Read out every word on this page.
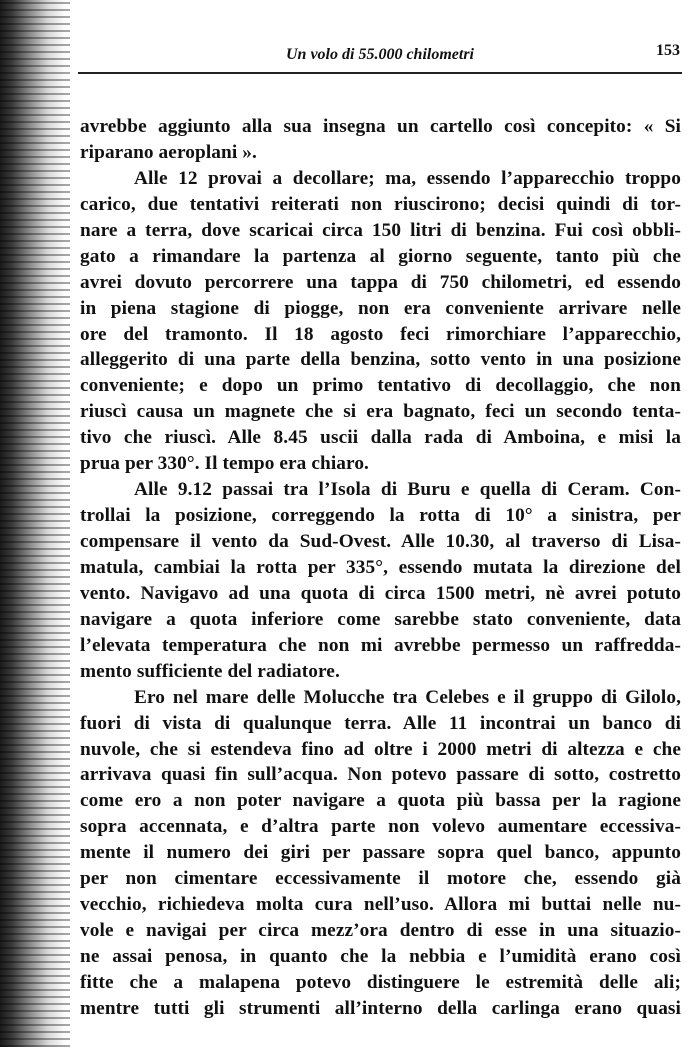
Un volo di 55.000 chilometri	153
avrebbe aggiunto alla sua insegna un cartello così concepito: « Si
riparano aeroplani ».
Alle 12 provai a decollare; ma, essendo l’apparecchio troppo
carico, due tentativi reiterati non riuscirono; decisi quindi di tor-
nare a terra, dove scaricai circa 150 litri di benzina. Fui così obbli-
gato a rimandare la partenza al giorno seguente, tanto più che
avrei dovuto percorrere una tappa di 750 chilometri, ed essendo
in piena stagione di piogge, non era conveniente arrivare nelle
ore del tramonto. Il 18 agosto feci rimorchiare l’apparecchio,
alleggerito di una parte della benzina, sotto vento in una posizione
conveniente; e dopo un primo tentativo di decollaggio, che non
riuscì causa un magnete che si era bagnato, feci un secondo tenta-
tivo che riuscì. Alle 8.45 uscii dalla rada di Amboina, e misi la
prua per 330°. Il tempo era chiaro.
Alle 9.12 passai tra l’Isola di Buru e quella di Ceram. Con-
trollai la posizione, correggendo la rotta di 10° a sinistra, per
compensare il vento da Sud-Ovest. Alle 10.30, al traverso di Lisa-
matula, cambiai la rotta per 335°, essendo mutata la direzione del
vento. Navigavo ad una quota di circa 1500 metri, nè avrei potuto
navigare a quota inferiore come sarebbe stato conveniente, data
l’elevata temperatura che non mi avrebbe permesso un raffredda-
mento sufficiente del radiatore.
Ero nel mare delle Molucche tra Celebes e il gruppo di Gilolo,
fuori di vista di qualunque terra. Alle 11 incontrai un banco di
nuvole, che si estendeva fino ad oltre i 2000 metri di altezza e che
arrivava quasi fin sull’acqua. Non potevo passare di sotto, costretto
come ero a non poter navigare a quota più bassa per la ragione
sopra accennata, e d’altra parte non volevo aumentare eccessiva-
mente il numero dei giri per passare sopra quel banco, appunto
per non cimentare eccessivamente il motore che, essendo già
vecchio, richiedeva molta cura nell’uso. Allora mi buttai nelle nu-
vole e navigai per circa mezz’ora dentro di esse in una situazio-
ne assai penosa, in quanto che la nebbia e l’umidità erano così
fitte che a malapena potevo distinguere le estremità delle ali;
mentre tutti gli strumenti all’interno della carlinga erano quasi
